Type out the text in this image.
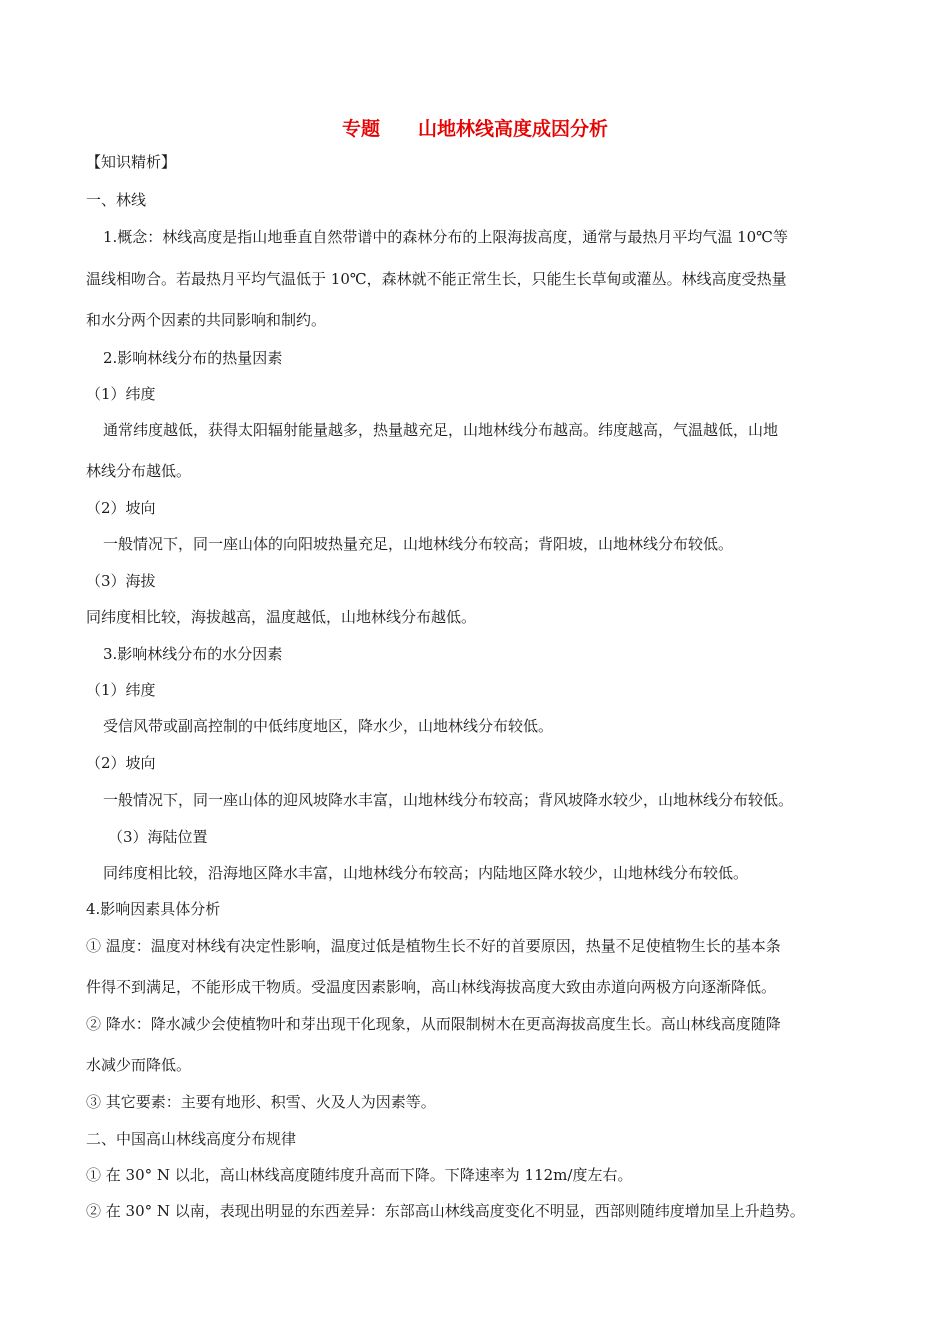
专题　　山地林线高度成因分析
【知识精析】
一、林线
1.概念：林线高度是指山地垂直自然带谱中的森林分布的上限海拔高度，通常与最热月平均气温 10℃等
温线相吻合。若最热月平均气温低于 10℃，森林就不能正常生长，只能生长草甸或灌丛。林线高度受热量
和水分两个因素的共同影响和制约。
2.影响林线分布的热量因素
（1）纬度
通常纬度越低，获得太阳辐射能量越多，热量越充足，山地林线分布越高。纬度越高，气温越低，山地
林线分布越低。
（2）坡向
一般情况下，同一座山体的向阳坡热量充足，山地林线分布较高；背阳坡，山地林线分布较低。
（3）海拔
同纬度相比较，海拔越高，温度越低，山地林线分布越低。
3.影响林线分布的水分因素
（1）纬度
受信风带或副高控制的中低纬度地区，降水少，山地林线分布较低。
（2）坡向
一般情况下，同一座山体的迎风坡降水丰富，山地林线分布较高；背风坡降水较少，山地林线分布较低。
（3）海陆位置
同纬度相比较，沿海地区降水丰富，山地林线分布较高；内陆地区降水较少，山地林线分布较低。
4.影响因素具体分析
① 温度：温度对林线有决定性影响，温度过低是植物生长不好的首要原因，热量不足使植物生长的基本条
件得不到满足，不能形成干物质。受温度因素影响，高山林线海拔高度大致由赤道向两极方向逐渐降低。
② 降水：降水减少会使植物叶和芽出现干化现象，从而限制树木在更高海拔高度生长。高山林线高度随降
水减少而降低。
③ 其它要素：主要有地形、积雪、火及人为因素等。
二、中国高山林线高度分布规律
① 在 30° N 以北，高山林线高度随纬度升高而下降。下降速率为 112m/度左右。
② 在 30° N 以南，表现出明显的东西差异：东部高山林线高度变化不明显，西部则随纬度增加呈上升趋势。
